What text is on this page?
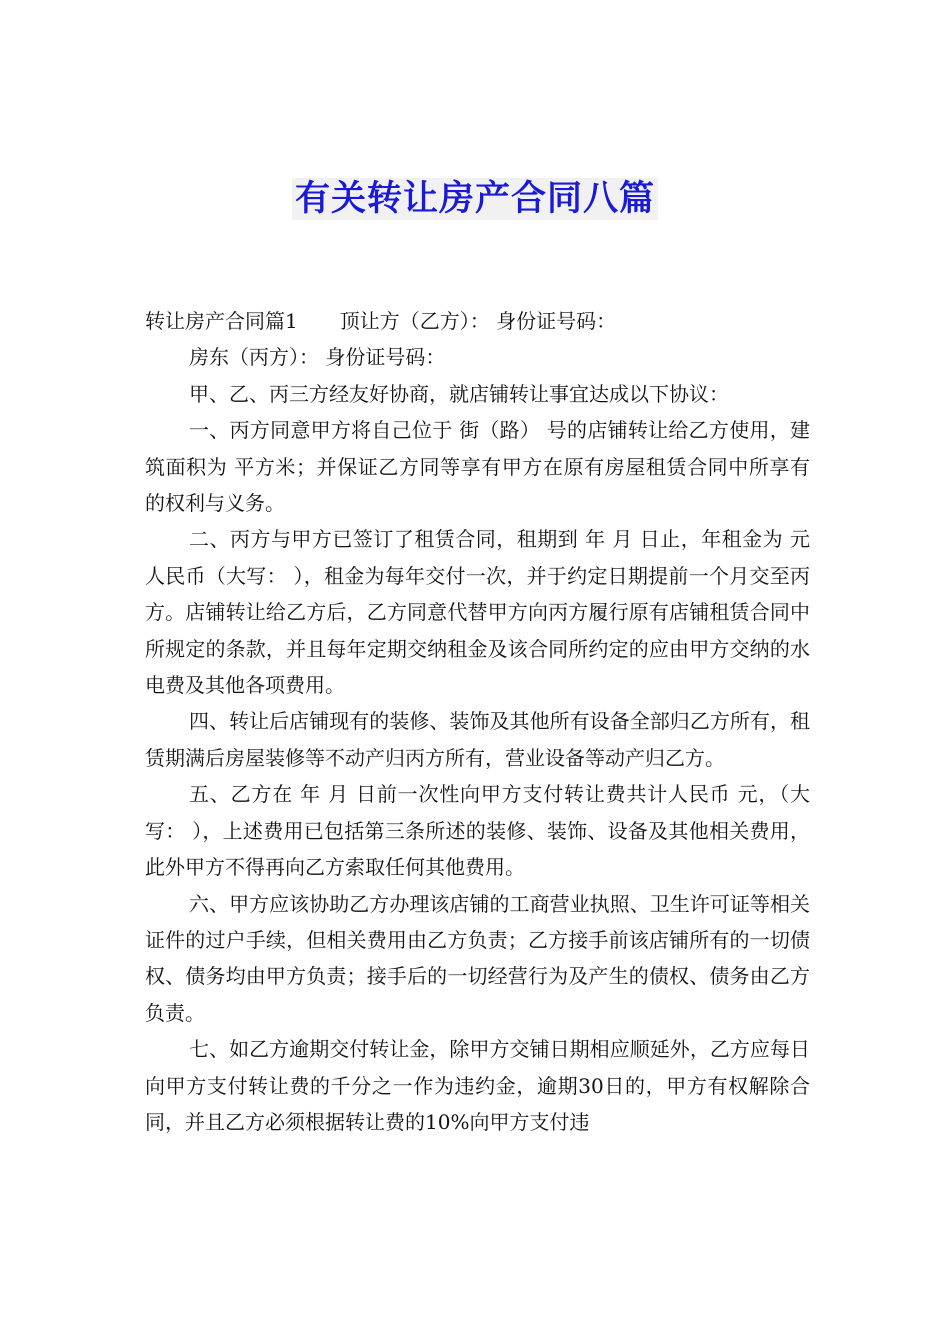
有关转让房产合同八篇

转让房产合同篇1 顶让方（乙方）： 身份证号码：

房东（丙方）： 身份证号码：

甲、乙、丙三方经友好协商，就店铺转让事宜达成以下协议：

一、丙方同意甲方将自己位于 街（路） 号的店铺转让给乙方使用，建筑面积为 平方米；并保证乙方同等享有甲方在原有房屋租赁合同中所享有的权利与义务。

二、丙方与甲方已签订了租赁合同，租期到 年 月 日止，年租金为 元人民币（大写： ），租金为每年交付一次，并于约定日期提前一个月交至丙方。店铺转让给乙方后，乙方同意代替甲方向丙方履行原有店铺租赁合同中所规定的条款，并且每年定期交纳租金及该合同所约定的应由甲方交纳的水电费及其他各项费用。

四、转让后店铺现有的装修、装饰及其他所有设备全部归乙方所有，租赁期满后房屋装修等不动产归丙方所有，营业设备等动产归乙方。

五、乙方在 年 月 日前一次性向甲方支付转让费共计人民币 元，（大写： ），上述费用已包括第三条所述的装修、装饰、设备及其他相关费用，此外甲方不得再向乙方索取任何其他费用。

六、甲方应该协助乙方办理该店铺的工商营业执照、卫生许可证等相关证件的过户手续，但相关费用由乙方负责；乙方接手前该店铺所有的一切债权、债务均由甲方负责；接手后的一切经营行为及产生的债权、债务由乙方负责。

七、如乙方逾期交付转让金，除甲方交铺日期相应顺延外，乙方应每日向甲方支付转让费的千分之一作为违约金，逾期30日的，甲方有权解除合同，并且乙方必须根据转让费的10%向甲方支付违
